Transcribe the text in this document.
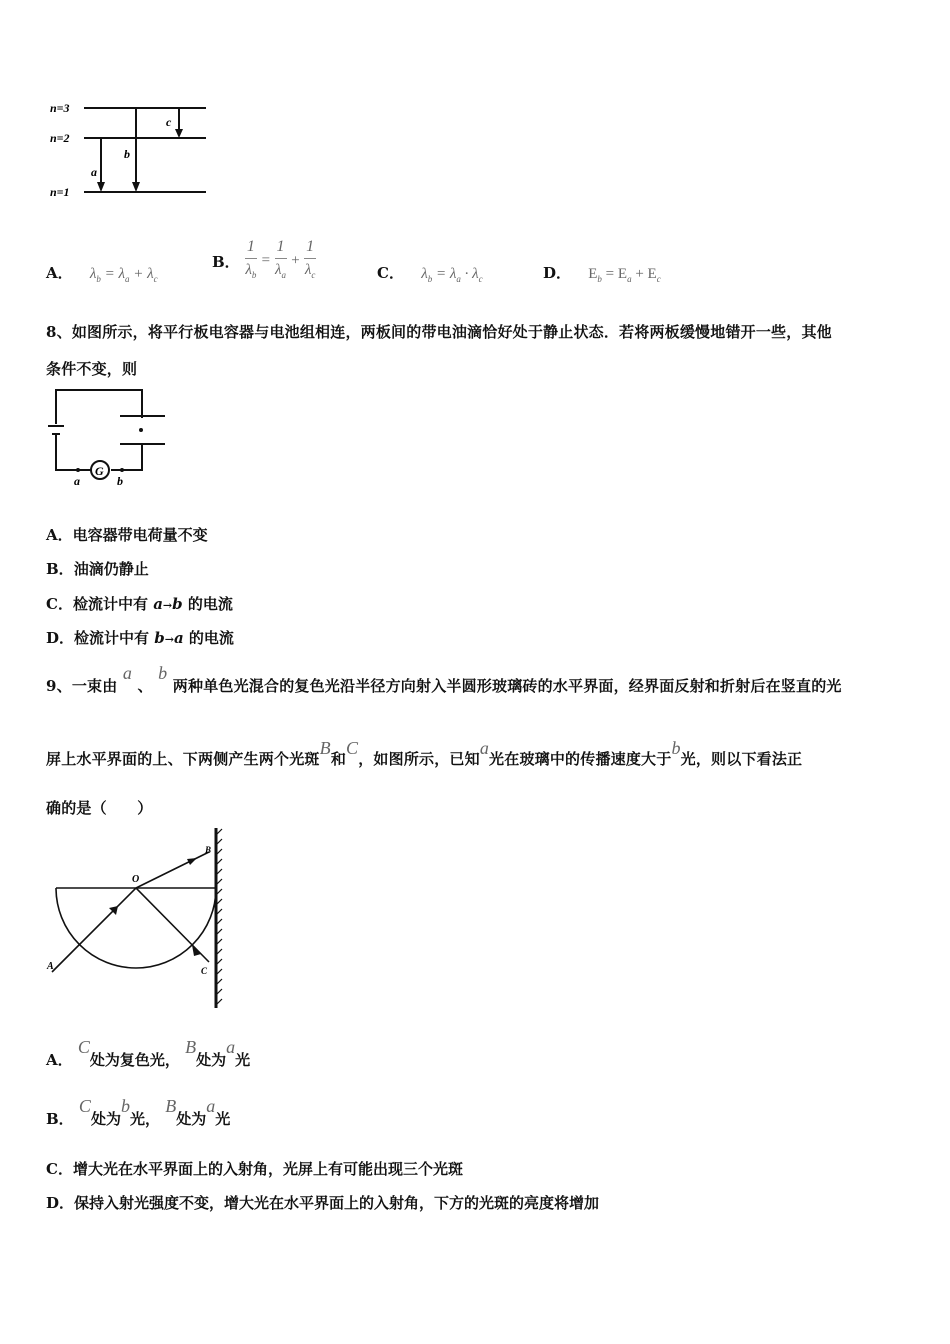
n=3
n=2
n=1
a
b
c
A． $\lambda_b = \lambda_a + \lambda_c$
B． $\frac{1}{\lambda_b} = \frac{1}{\lambda_a} + \frac{1}{\lambda_c}$	C． $\lambda_b = \lambda_a \cdot \lambda_c$	D． $E_b = E_a + E_c$
8、如图所示，将平行板电容器与电池组相连，两板间的带电油滴恰好处于静止状态．若将两板缓慢地错开一些，其他
条件不变，则
G
a	b
A．电容器带电荷量不变
B．油滴仍静止
C．检流计中有 a→b 的电流
D．检流计中有 b→a 的电流
9、一束由 a 、 b 两种单色光混合的复色光沿半径方向射入半圆形玻璃砖的水平界面，经界面反射和折射后在竖直的光
屏上水平界面的上、下两侧产生两个光斑B和C，如图所示，已知a光在玻璃中的传播速度大于b光，则以下看法正
确的是（　　）
O
A
B
C
A． C处为复色光， B处为a光
B． C处为b光， B处为a光
C．增大光在水平界面上的入射角，光屏上有可能出现三个光斑
D．保持入射光强度不变，增大光在水平界面上的入射角，下方的光斑的亮度将增加
